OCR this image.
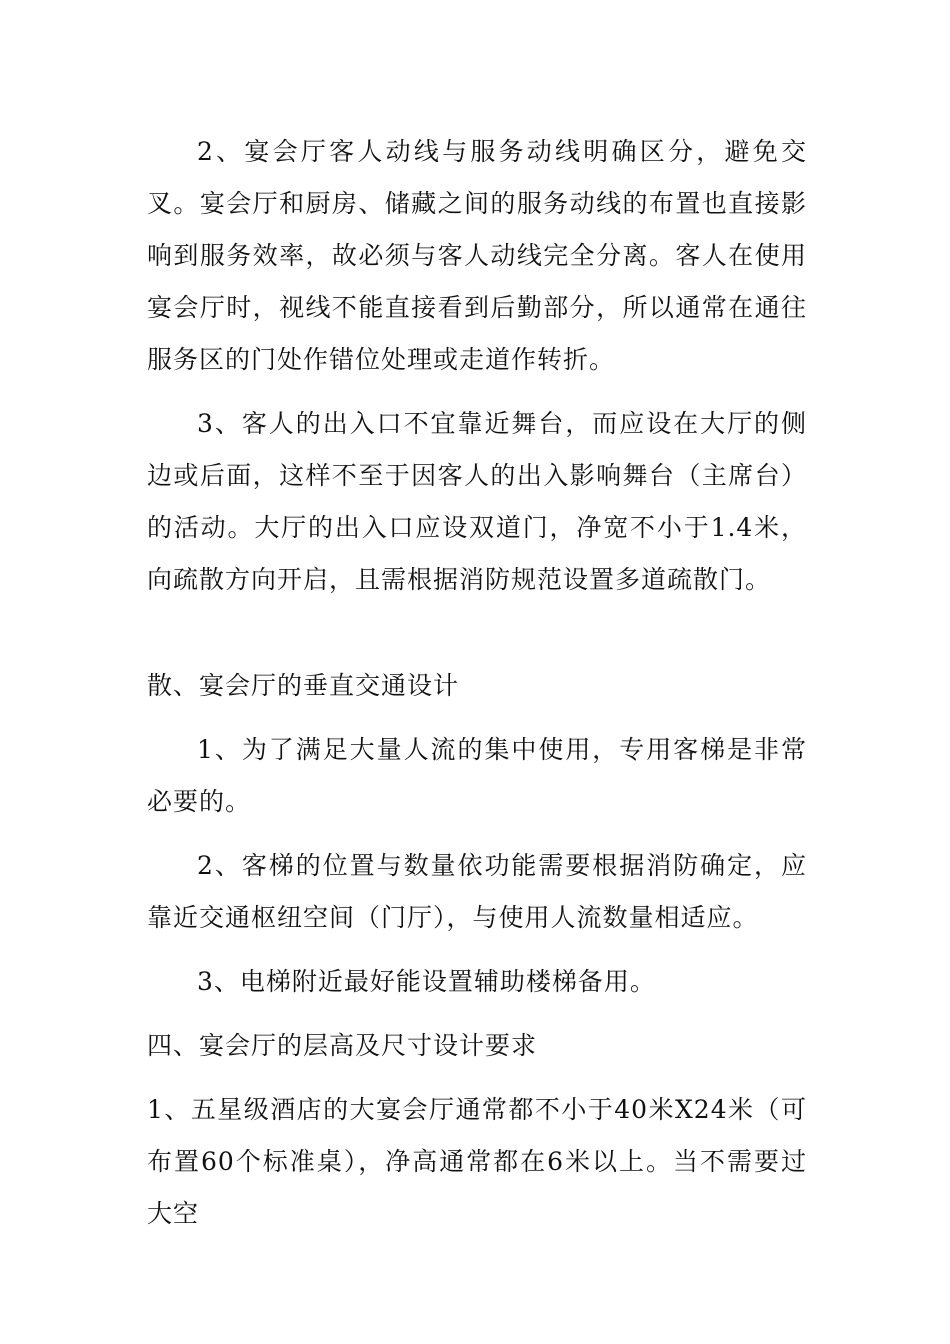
2、宴会厅客人动线与服务动线明确区分，避免交叉。宴会厅和厨房、储藏之间的服务动线的布置也直接影响到服务效率，故必须与客人动线完全分离。客人在使用宴会厅时，视线不能直接看到后勤部分，所以通常在通往服务区的门处作错位处理或走道作转折。

3、客人的出入口不宜靠近舞台，而应设在大厅的侧边或后面，这样不至于因客人的出入影响舞台（主席台）的活动。大厅的出入口应设双道门，净宽不小于1.4米，向疏散方向开启，且需根据消防规范设置多道疏散门。

散、宴会厅的垂直交通设计

1、为了满足大量人流的集中使用，专用客梯是非常必要的。

2、客梯的位置与数量依功能需要根据消防确定，应靠近交通枢纽空间（门厅），与使用人流数量相适应。

3、电梯附近最好能设置辅助楼梯备用。

四、宴会厅的层高及尺寸设计要求

1、五星级酒店的大宴会厅通常都不小于40米X24米（可布置60个标准桌），净高通常都在6米以上。当不需要过大空
